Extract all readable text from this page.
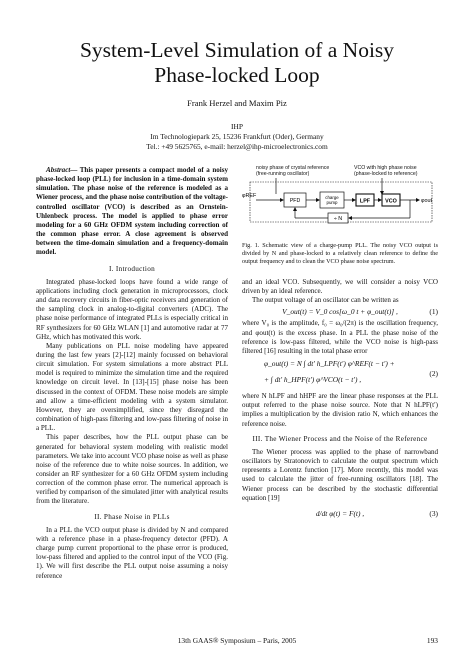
System-Level Simulation of a Noisy
Phase-locked Loop
Frank Herzel and Maxim Piz
IHP
Im Technologiepark 25, 15236 Frankfurt (Oder), Germany
Tel.: +49 5625765, e-mail: herzel@ihp-microelectronics.com

Abstract— This paper presents a compact model of a noisy phase-locked loop (PLL) for inclusion in a time-domain system simulation. The phase noise of the reference is modeled as a Wiener process, and the phase noise contribution of the voltage-controlled oscillator (VCO) is described as an Ornstein-Uhlenbeck process. The model is applied to phase error modeling for a 60 GHz OFDM system including correction of the common phase error. A close agreement is observed between the time-domain simulation and a frequency-domain model.

I. Introduction

Integrated phase-locked loops have found a wide range of applications including clock generation in microprocessors, clock and data recovery circuits in fiber-optic receivers and generation of the sampling clock in analog-to-digital converters (ADC). The phase noise performance of integrated PLLs is especially critical in RF synthesizers for 60 GHz WLAN [1] and automotive radar at 77 GHz, which has motivated this work.

Many publications on PLL noise modeling have appeared during the last few years [2]-[12] mainly focussed on behavioral circuit simulation. For system simulations a more abstract PLL model is required to minimize the simulation time and the required knowledge on circuit level. In [13]-[15] phase noise has been discussed in the context of OFDM. These noise models are simple and allow a time-efficient modeling with a system simulator. However, they are oversimplified, since they disregard the combination of high-pass filtering and low-pass filtering of noise in a PLL.

This paper describes, how the PLL output phase can be generated for behavioral system modeling with realistic model parameters. We take into account VCO phase noise as well as phase noise of the reference due to white noise sources. In addition, we consider an RF synthesizer for a 60 GHz OFDM system including correction of the common phase error. The numerical approach is verified by comparison of the simulated jitter with analytical results from the literature.

II. Phase Noise in PLLs

In a PLL the VCO output phase is divided by N and compared with a reference phase in a phase-frequency detector (PFD). A charge pump current proportional to the phase error is produced, low-pass filtered and applied to the control input of the VCO (Fig. 1). We will first describe the PLL output noise assuming a noisy reference

noisy phase of crystal reference (free-running oscillator)
VCO with high phase noise (phase-locked to reference)
φREF
PFD
charge pump	LPF	VCO	φout
÷ N
Fig. 1. Schematic view of a charge-pump PLL. The noisy VCO output is divided by N and phase-locked to a relatively clean reference to define the output frequency and to clean the VCO phase noise spectrum.

and an ideal VCO. Subsequently, we will consider a noisy VCO driven by an ideal reference.

The output voltage of an oscillator can be written as

V_out(t) = V_0 cos[ω_0 t + φ_out(t)] ,	(1)

where V₀ is the amplitude, f₀ = ω₀/(2π) is the oscillation frequency, and φout(t) is the excess phase. In a PLL the phase noise of the reference is low-pass filtered, while the VCO noise is high-pass filtered [16] resulting in the total phase error

φ_out(t) = N ∫ dt′ h_LPF(t′) φ^REF(t − t′) +
+ ∫ dt′ h_HPF(t′) φ^VCO(t − t′) ,
(2)

where N hLPF and hHPF are the linear phase responses at the PLL output referred to the phase noise source. Note that N hLPF(t′) implies a multiplication by the division ratio N, which enhances the reference noise.

III. The Wiener Process and the Noise of the Reference

The Wiener process was applied to the phase of narrowband oscillators by Stratonovich to calculate the output spectrum which represents a Lorentz function [17]. More recently, this model was used to calculate the jitter of free-running oscillators [18]. The Wiener process can be described by the stochastic differential equation [19]

d/dt φ(t) = F(t) ,	(3)
13th GAAS® Symposium – Paris, 2005	193
